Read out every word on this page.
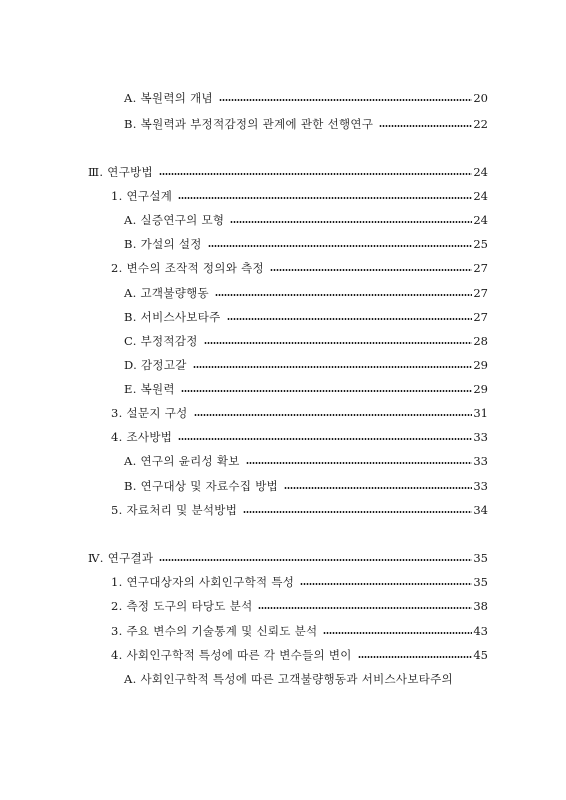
A. 복원력의 개념	20
B. 복원력과 부정적감정의 관계에 관한 선행연구	22
Ⅲ. 연구방법	24
1. 연구설계	24
A. 실증연구의 모형	24
B. 가설의 설정	25
2. 변수의 조작적 정의와 측정	27
A. 고객불량행동	27
B. 서비스사보타주	27
C. 부정적감정	28
D. 감정고갈	29
E. 복원력	29
3. 설문지 구성	31
4. 조사방법	33
A. 연구의 윤리성 확보	33
B. 연구대상 및 자료수집 방법	33
5. 자료처리 및 분석방법	34
Ⅳ. 연구결과	35
1. 연구대상자의 사회인구학적 특성	35
2. 측정 도구의 타당도 분석	38
3. 주요 변수의 기술통계 및 신뢰도 분석	43
4. 사회인구학적 특성에 따른 각 변수들의 변이	45
A. 사회인구학적 특성에 따른 고객불량행동과 서비스사보타주의
